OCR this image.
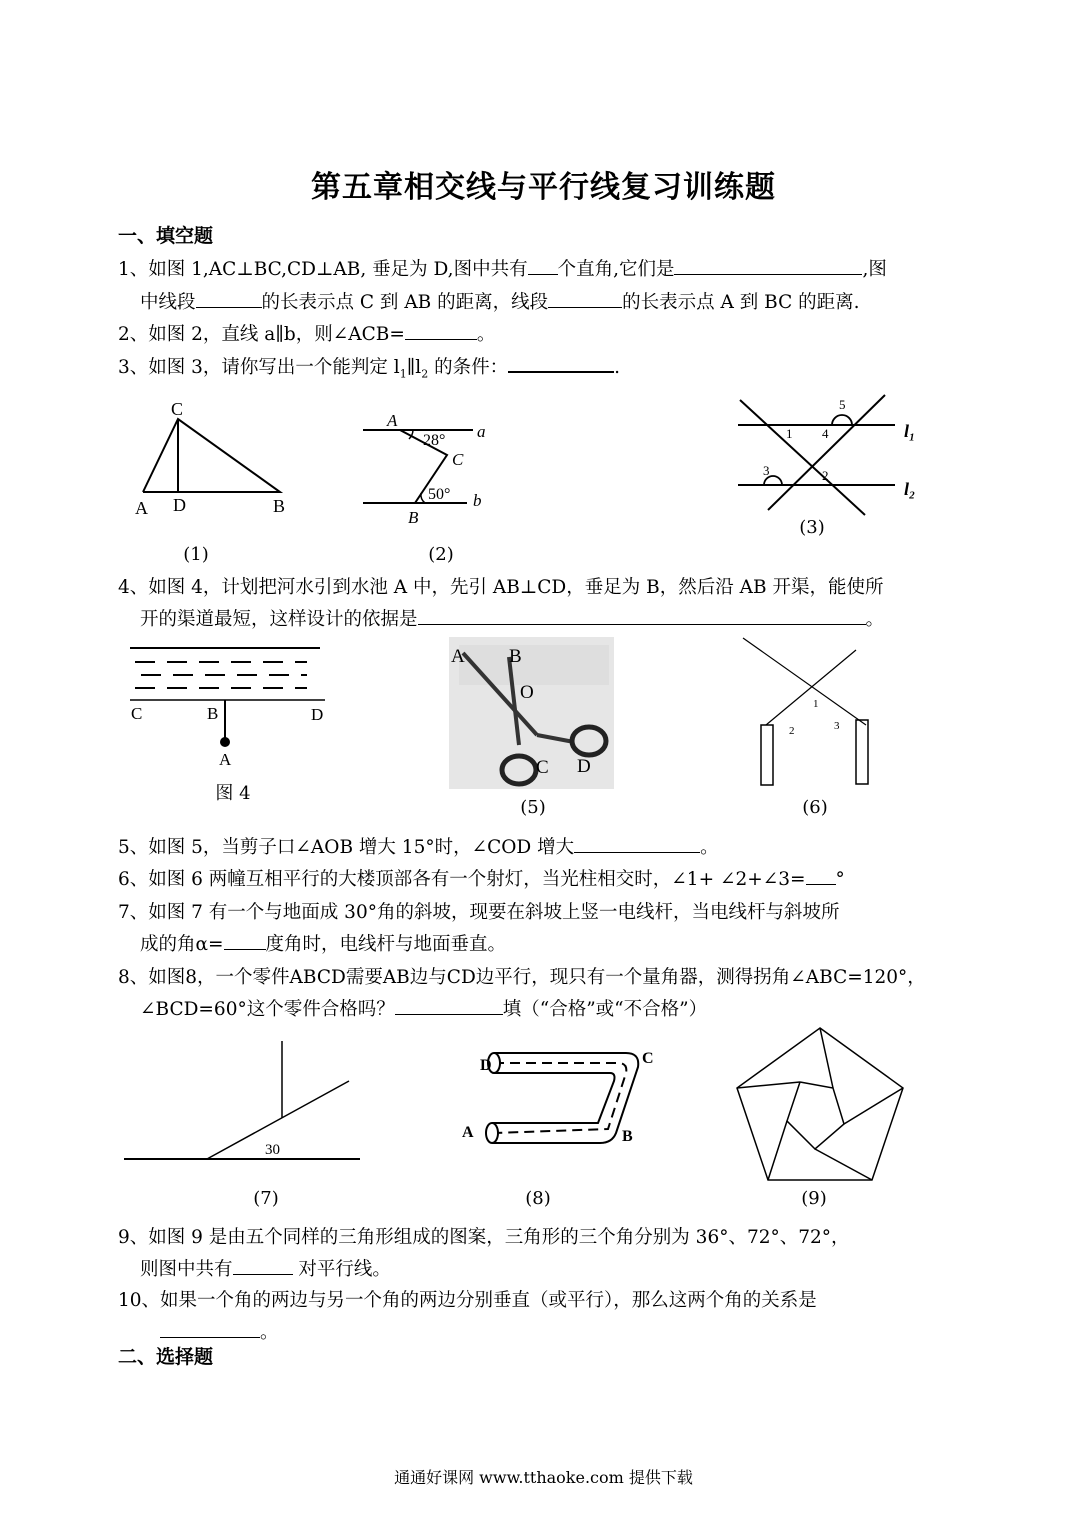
第五章相交线与平行线复习训练题
一、填空题
1、如图 1,AC⊥BC,CD⊥AB, 垂足为 D,图中共有 个直角,它们是	,图
中线段	的长表示点 C 到 AB 的距离，线段	的长表示点 A 到 BC 的距离.
2、如图 2，直线 a∥b，则∠ACB=	。
3、如图 3，请你写出一个能判定 $l_1\parallel l_2$ 的条件：	.
C
A D	B
(1)
A
28° a
C
50° b
B
(2)
1
2
3
4
5
l₁
l₂
(3)
4、如图 4，计划把河水引到水池 A 中，先引 AB⊥CD，垂足为 B，然后沿 AB 开渠，能使所
开的渠道最短，这样设计的依据是	。
C	B	D
A
图 4
A B
O
C D
(5)
1
2	3
(6)
5、如图 5，当剪子口∠AOB 增大 15°时，∠COD 增大	。
6、如图 6 两幢互相平行的大楼顶部各有一个射灯，当光柱相交时，∠1+ ∠2+∠3= °
7、如图 7 有一个与地面成 30°角的斜坡，现要在斜坡上竖一电线杆，当电线杆与斜坡所
成的角α= 度角时，电线杆与地面垂直。
8、如图8，一个零件ABCD需要AB边与CD边平行，现只有一个量角器，测得拐角∠ABC=120°，
∠BCD=60°这个零件合格吗？	填（“合格”或“不合格”）
30
(7)
D	C
A	B
(8)	(9)
9、如图 9 是由五个同样的三角形组成的图案，三角形的三个角分别为 36°、72°、72°，
则图中共有	对平行线。
10、如果一个角的两边与另一个角的两边分别垂直（或平行），那么这两个角的关系是
。
二、选择题
通通好课网 www.tthaoke.com 提供下载
